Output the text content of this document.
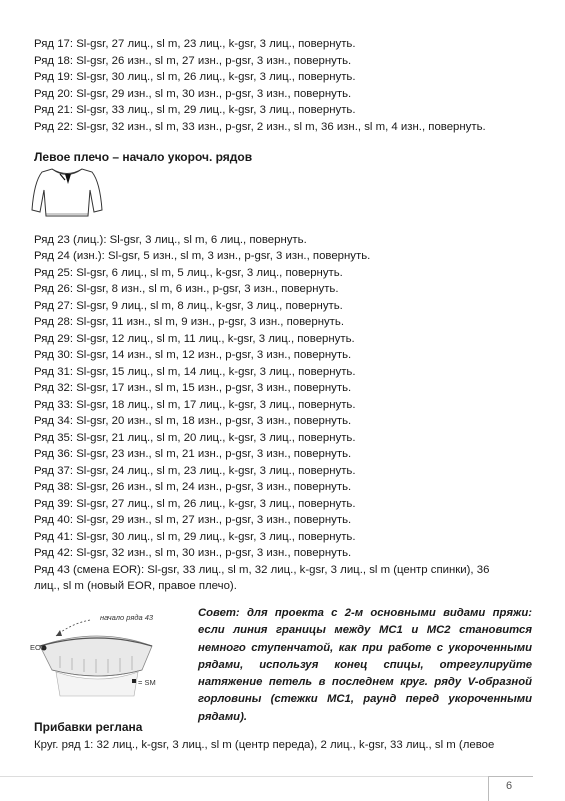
Ряд 17: Sl-gsr, 27 лиц., sl m, 23 лиц., k-gsr, 3 лиц., повернуть.
Ряд 18: Sl-gsr, 26 изн., sl m, 27 изн., p-gsr, 3 изн., повернуть.
Ряд 19: Sl-gsr, 30 лиц., sl m, 26 лиц., k-gsr, 3 лиц., повернуть.
Ряд 20: Sl-gsr, 29 изн., sl m, 30 изн., p-gsr, 3 изн., повернуть.
Ряд 21: Sl-gsr, 33 лиц., sl m, 29 лиц., k-gsr, 3 лиц., повернуть.
Ряд 22: Sl-gsr, 32 изн., sl m, 33 изн., p-gsr, 2 изн., sl m, 36 изн., sl m, 4 изн., повернуть.
Левое плечо – начало укороч. рядов
Ряд 23 (лиц.): Sl-gsr, 3 лиц., sl m, 6 лиц., повернуть.
Ряд 24 (изн.): Sl-gsr, 5 изн., sl m, 3 изн., p-gsr, 3 изн., повернуть.
Ряд 25: Sl-gsr, 6 лиц., sl m, 5 лиц., k-gsr, 3 лиц., повернуть.
Ряд 26: Sl-gsr, 8 изн., sl m, 6 изн., p-gsr, 3 изн., повернуть.
Ряд 27: Sl-gsr, 9 лиц., sl m, 8 лиц., k-gsr, 3 лиц., повернуть.
Ряд 28: Sl-gsr, 11 изн., sl m, 9 изн., p-gsr, 3 изн., повернуть.
Ряд 29: Sl-gsr, 12 лиц., sl m, 11 лиц., k-gsr, 3 лиц., повернуть.
Ряд 30: Sl-gsr, 14 изн., sl m, 12 изн., p-gsr, 3 изн., повернуть.
Ряд 31: Sl-gsr, 15 лиц., sl m, 14 лиц., k-gsr, 3 лиц., повернуть.
Ряд 32: Sl-gsr, 17 изн., sl m, 15 изн., p-gsr, 3 изн., повернуть.
Ряд 33: Sl-gsr, 18 лиц., sl m, 17 лиц., k-gsr, 3 лиц., повернуть.
Ряд 34: Sl-gsr, 20 изн., sl m, 18 изн., p-gsr, 3 изн., повернуть.
Ряд 35: Sl-gsr, 21 лиц., sl m, 20 лиц., k-gsr, 3 лиц., повернуть.
Ряд 36: Sl-gsr, 23 изн., sl m, 21 изн., p-gsr, 3 изн., повернуть.
Ряд 37: Sl-gsr, 24 лиц., sl m, 23 лиц., k-gsr, 3 лиц., повернуть.
Ряд 38: Sl-gsr, 26 изн., sl m, 24 изн., p-gsr, 3 изн., повернуть.
Ряд 39: Sl-gsr, 27 лиц., sl m, 26 лиц., k-gsr, 3 лиц., повернуть.
Ряд 40: Sl-gsr, 29 изн., sl m, 27 изн., p-gsr, 3 изн., повернуть.
Ряд 41: Sl-gsr, 30 лиц., sl m, 29 лиц., k-gsr, 3 лиц., повернуть.
Ряд 42: Sl-gsr, 32 изн., sl m, 30 изн., p-gsr, 3 изн., повернуть.
Ряд 43 (смена EOR): Sl-gsr, 33 лиц., sl m, 32 лиц., k-gsr, 3 лиц., sl m (центр спинки), 36
лиц., sl m (новый EOR, правое плечо).
начало ряда 43
EOR
= SM
Совет: для проекта с 2-м основными видами пряжи: если линия границы между MC1 и MC2 становится немного ступенчатой, как при работе с укороченными рядами, используя конец спицы, отрегулируйте натяжение петель в последнем круг. ряду V-образной горловины (стежки MC1, раунд перед укороченными рядами).
Прибавки реглана
Круг. ряд 1: 32 лиц., k-gsr, 3 лиц., sl m (центр переда), 2 лиц., k-gsr, 33 лиц., sl m (левое
6
